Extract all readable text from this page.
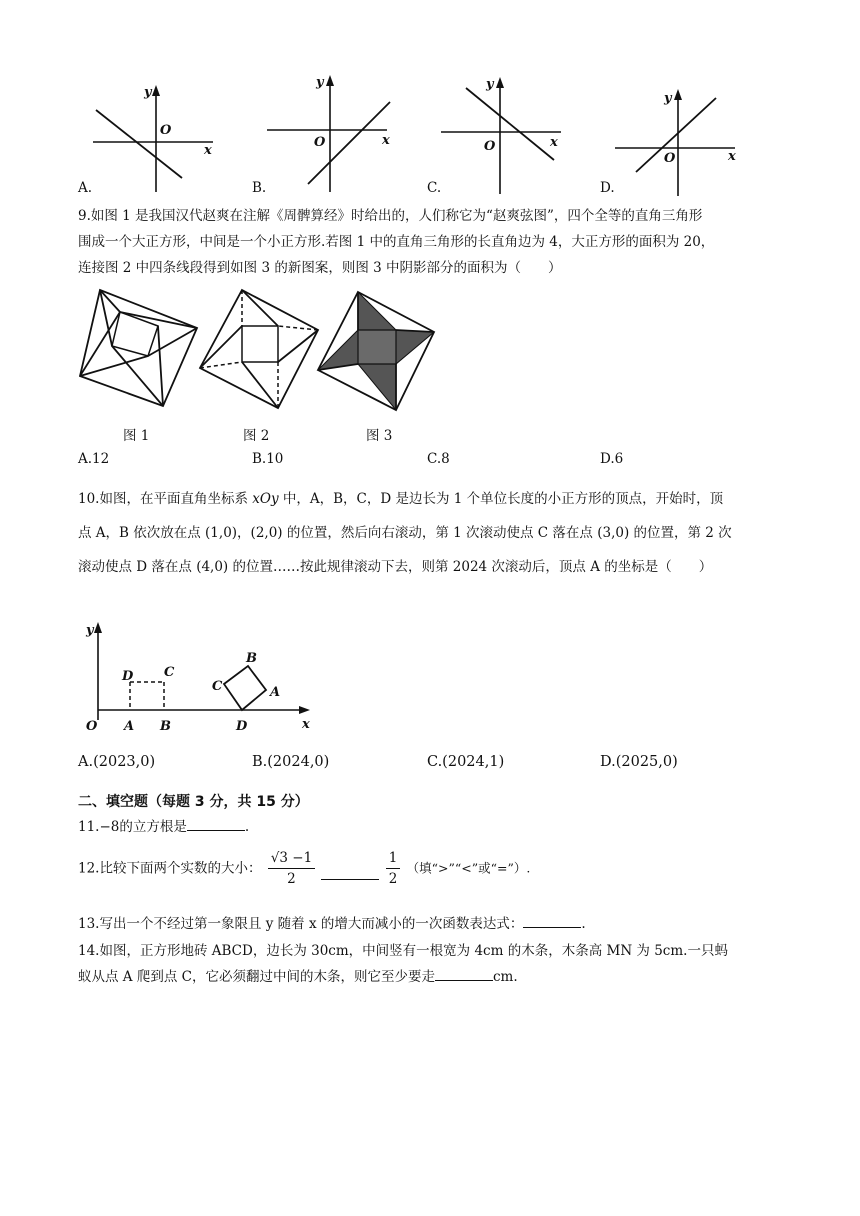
y
x
O
A.
y
x
O
B.
y
x
O
C.
y
x
O
D.
9.如图 1 是我国汉代赵爽在注解《周髀算经》时给出的，人们称它为“赵爽弦图”，四个全等的直角三角形
围成一个大正方形，中间是一个小正方形.若图 1 中的直角三角形的长直角边为 4，大正方形的面积为 20，
连接图 2 中四条线段得到如图 3 的新图案，则图 3 中阴影部分的面积为（　　）
图 1	图 2	图 3
A.12	B.10	C.8	D.6
10.如图，在平面直角坐标系 xOy 中，A，B，C，D 是边长为 1 个单位长度的小正方形的顶点，开始时，顶
点 A，B 依次放在点 (1,0)，(2,0) 的位置，然后向右滚动，第 1 次滚动使点 C 落在点 (3,0) 的位置，第 2 次
滚动使点 D 落在点 (4,0) 的位置……按此规律滚动下去，则第 2024 次滚动后，顶点 A 的坐标是（　　）
y
x
O A B
D C
D
A
B
C
A.(2023,0)	B.(2024,0)	C.(2024,1)	D.(2025,0)
二、填空题（每题 3 分，共 15 分）
11.−8的立方根是	.
12.比较下面两个实数的大小： $\frac{√3 -1}{2}$
	$\frac{1}{2}$ （填“>”“<”或“=”）.
13.写出一个不经过第一象限且 y 随着 x 的增大而减小的一次函数表达式：	.
14.如图，正方形地砖 ABCD，边长为 30cm，中间竖有一根宽为 4cm 的木条，木条高 MN 为 5cm.一只蚂
蚁从点 A 爬到点 C，它必须翻过中间的木条，则它至少要走	cm.
